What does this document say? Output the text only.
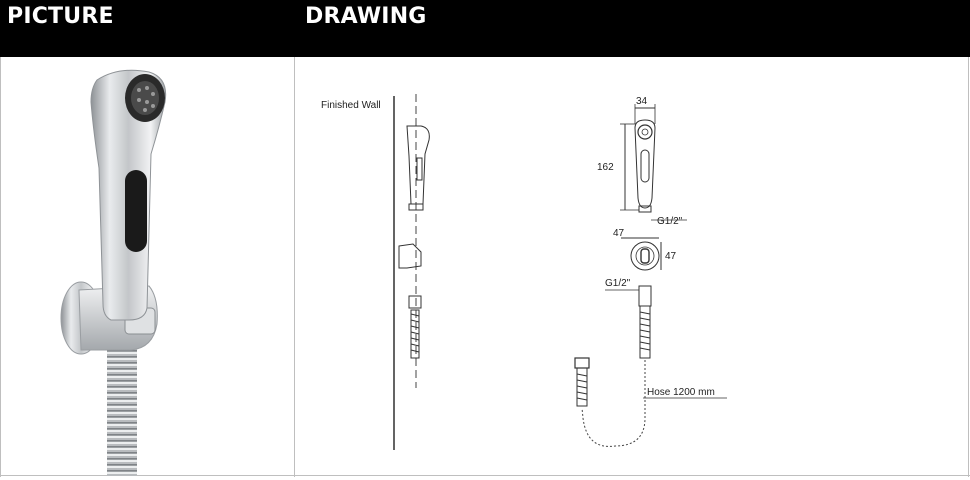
PICTURE	DRAWING
Finished Wall	34
162
G1/2"
47
47
G1/2"
Hose 1200 mm
